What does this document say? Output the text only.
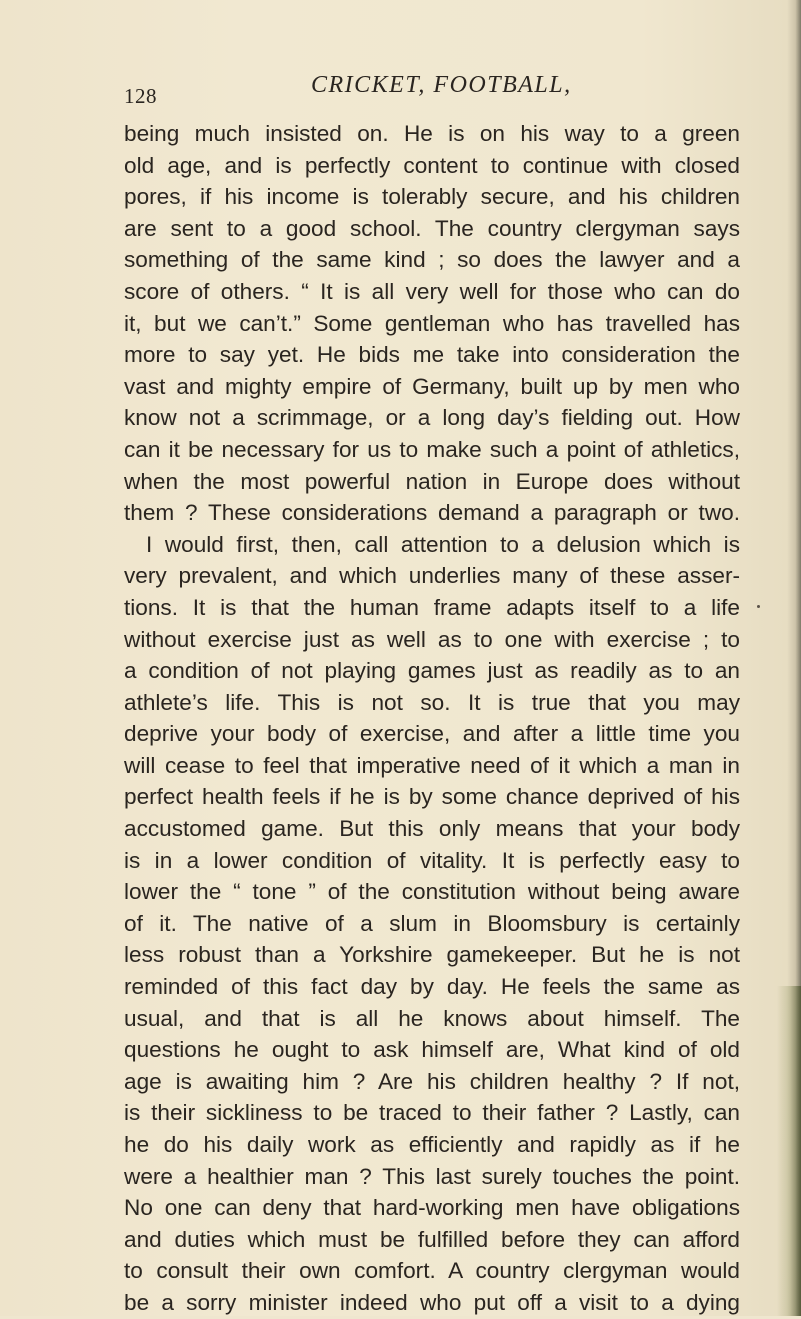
128	CRICKET, FOOTBALL,
being much insisted on. He is on his way to a green
old age, and is perfectly content to continue with closed
pores, if his income is tolerably secure, and his children
are sent to a good school. The country clergyman says
something of the same kind ; so does the lawyer and a
score of others. “ It is all very well for those who can do
it, but we can’t.” Some gentleman who has travelled has
more to say yet. He bids me take into consideration the
vast and mighty empire of Germany, built up by men who
know not a scrimmage, or a long day’s fielding out. How
can it be necessary for us to make such a point of athletics,
when the most powerful nation in Europe does without
them ? These considerations demand a paragraph or two.
I would first, then, call attention to a delusion which is
very prevalent, and which underlies many of these asser-
tions. It is that the human frame adapts itself to a life
without exercise just as well as to one with exercise ; to
a condition of not playing games just as readily as to an
athlete’s life. This is not so. It is true that you may
deprive your body of exercise, and after a little time you
will cease to feel that imperative need of it which a man in
perfect health feels if he is by some chance deprived of his
accustomed game. But this only means that your body
is in a lower condition of vitality. It is perfectly easy to
lower the “ tone ” of the constitution without being aware
of it. The native of a slum in Bloomsbury is certainly
less robust than a Yorkshire gamekeeper. But he is not
reminded of this fact day by day. He feels the same as
usual, and that is all he knows about himself. The
questions he ought to ask himself are, What kind of old
age is awaiting him ? Are his children healthy ? If not,
is their sickliness to be traced to their father ? Lastly, can
he do his daily work as efficiently and rapidly as if he
were a healthier man ? This last surely touches the point.
No one can deny that hard-working men have obligations
and duties which must be fulfilled before they can afford
to consult their own comfort. A country clergyman would
be a sorry minister indeed who put off a visit to a dying
